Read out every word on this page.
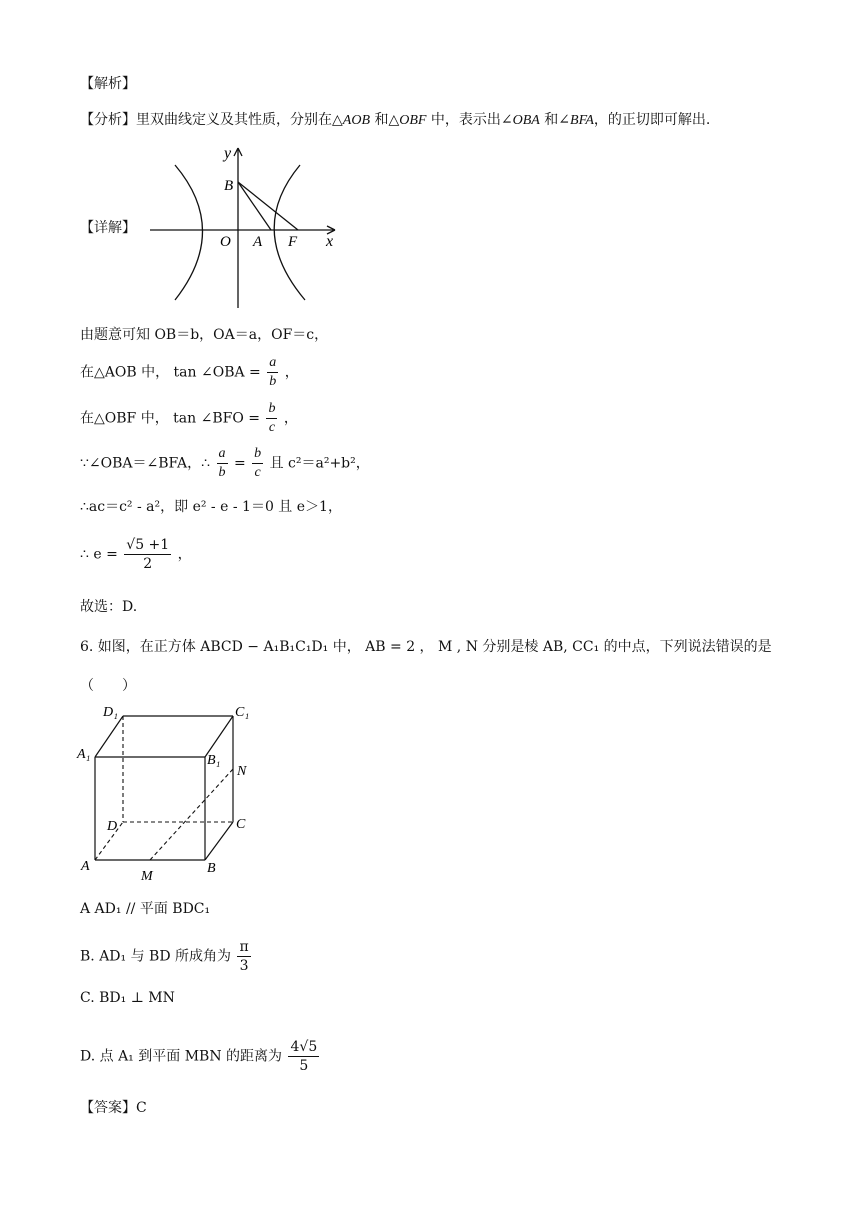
【解析】
【分析】里双曲线定义及其性质，分别在△AOB 和△OBF 中，表示出∠OBA 和∠BFA，的正切即可解出.
【详解】
y
x
B
O A F
由题意可知 OB＝b，OA＝a，OF＝c，
在△AOB 中， tan ∠OBA = $\frac{a}{b}$ ，
在△OBF 中， tan ∠BFO = $\frac{b}{c}$ ，
∵∠OBA＝∠BFA，∴ $\frac{a}{b} = \frac{b}{c}$ 且 c²＝a²+b²，
∴ac＝c² - a²，即 e² - e - 1＝0 且 e＞1，
∴ $e = \frac{√5 +1}{2}$ ，
故选：D.
6. 如图，在正方体 ABCD − A₁B₁C₁D₁ 中， AB = 2 ， M , N 分别是棱 AB, CC₁ 的中点，下列说法错误的是
（　　）
D₁	C₁
A₁	B₁
N
D	C
A	B
M
A AD₁ // 平面 BDC₁
B. AD₁ 与 BD 所成角为 $\frac{\pi}{3}$
C. BD₁ ⊥ MN
D. 点 A₁ 到平面 MBN 的距离为 $\frac{4√5}{5}$
【答案】C
